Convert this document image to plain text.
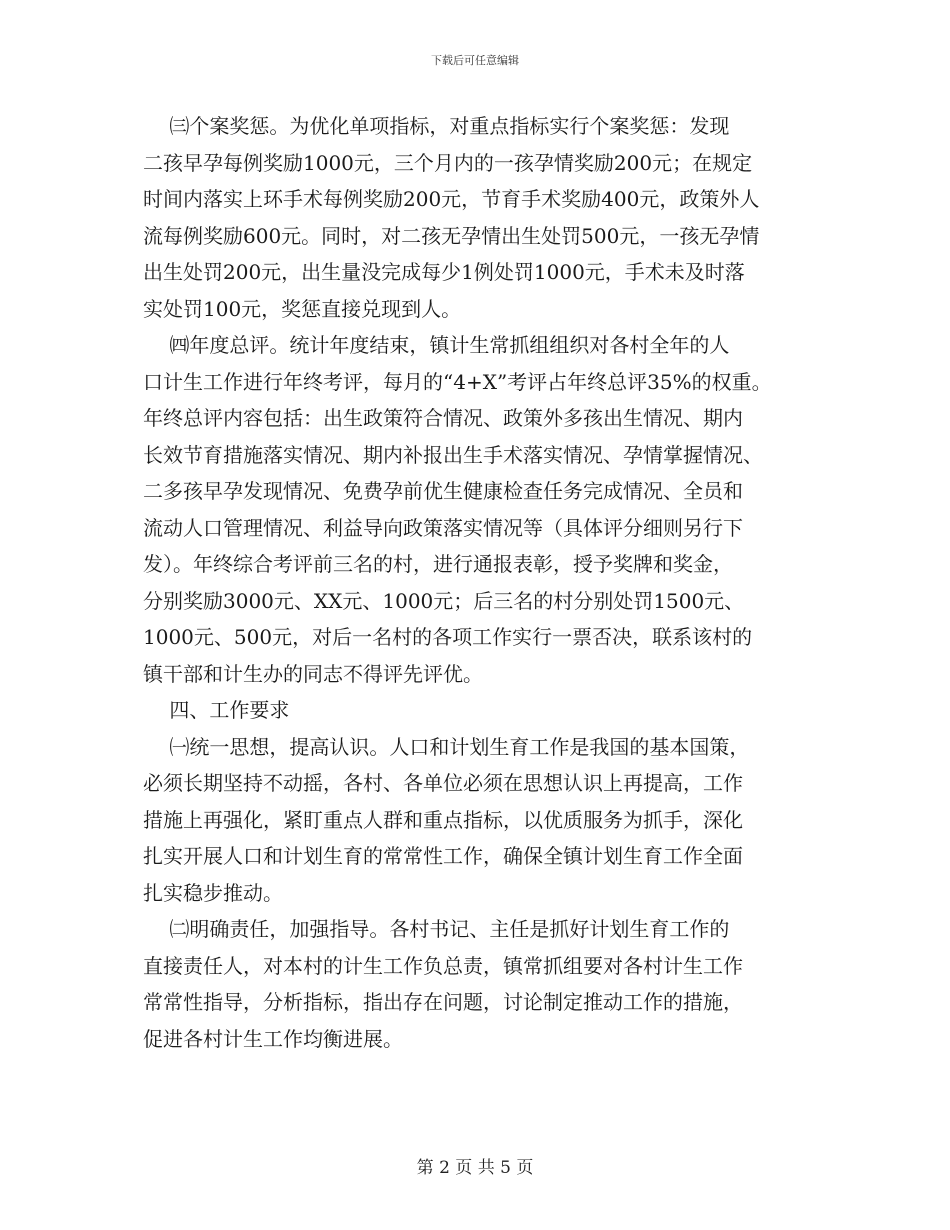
下载后可任意编辑
　 ㈢个案奖惩。为优化单项指标，对重点指标实行个案奖惩：发现
二孩早孕每例奖励1000元，三个月内的一孩孕情奖励200元；在规定
时间内落实上环手术每例奖励200元，节育手术奖励400元，政策外人
流每例奖励600元。同时，对二孩无孕情出生处罚500元，一孩无孕情
出生处罚200元，出生量没完成每少1例处罚1000元，手术未及时落
实处罚100元，奖惩直接兑现到人。
　 ㈣年度总评。统计年度结束，镇计生常抓组组织对各村全年的人
口计生工作进行年终考评，每月的“4+X”考评占年终总评35%的权重。
年终总评内容包括：出生政策符合情况、政策外多孩出生情况、期内
长效节育措施落实情况、期内补报出生手术落实情况、孕情掌握情况、
二多孩早孕发现情况、免费孕前优生健康检查任务完成情况、全员和
流动人口管理情况、利益导向政策落实情况等（具体评分细则另行下
发）。年终综合考评前三名的村，进行通报表彰，授予奖牌和奖金，
分别奖励3000元、XX元、1000元；后三名的村分别处罚1500元、
1000元、500元，对后一名村的各项工作实行一票否决，联系该村的
镇干部和计生办的同志不得评先评优。
　 四、工作要求
　 ㈠统一思想，提高认识。人口和计划生育工作是我国的基本国策，
必须长期坚持不动摇，各村、各单位必须在思想认识上再提高，工作
措施上再强化，紧盯重点人群和重点指标，以优质服务为抓手，深化
扎实开展人口和计划生育的常常性工作，确保全镇计划生育工作全面
扎实稳步推动。
　 ㈡明确责任，加强指导。各村书记、主任是抓好计划生育工作的
直接责任人，对本村的计生工作负总责，镇常抓组要对各村计生工作
常常性指导，分析指标，指出存在问题，讨论制定推动工作的措施，
促进各村计生工作均衡进展。
第 2 页 共 5 页
